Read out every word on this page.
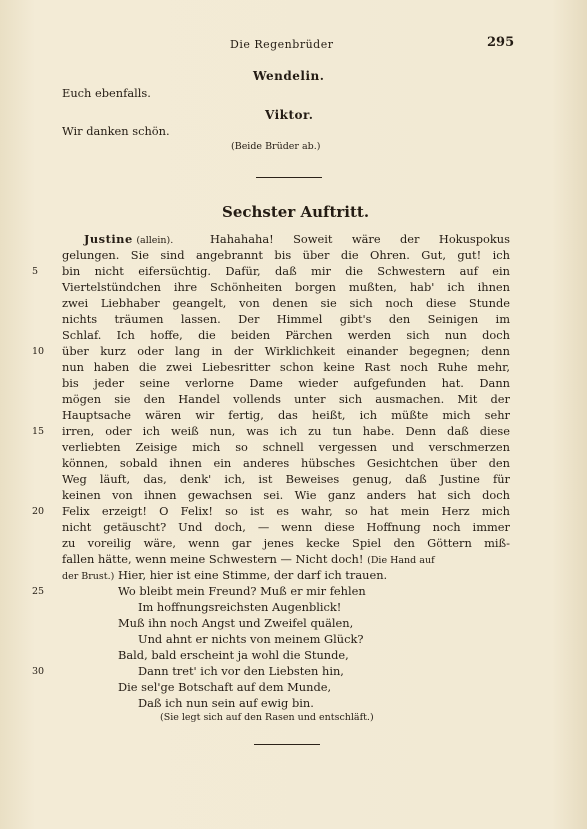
Die Regenbrüder	295
Wendelin.
Euch ebenfalls.
Viktor.
Wir danken schön.
(Beide Brüder ab.)
Sechster Auftritt.
Justine (allein).	Hahahaha! Soweit wäre der Hokuspokus
gelungen. Sie sind angebrannt bis über die Ohren. Gut, gut! ich
bin nicht eifersüchtig. Dafür, daß mir die Schwestern auf ein
Viertelstündchen ihre Schönheiten borgen mußten, hab' ich ihnen
zwei Liebhaber geangelt, von denen sie sich noch diese Stunde
nichts träumen lassen. Der Himmel gibt's den Seinigen im
Schlaf. Ich hoffe, die beiden Pärchen werden sich nun doch
über kurz oder lang in der Wirklichkeit einander begegnen; denn
nun haben die zwei Liebesritter schon keine Rast noch Ruhe mehr,
bis jeder seine verlorne Dame wieder aufgefunden hat. Dann
mögen sie den Handel vollends unter sich ausmachen. Mit der
Hauptsache wären wir fertig, das heißt, ich müßte mich sehr
irren, oder ich weiß nun, was ich zu tun habe. Denn daß diese
verliebten Zeisige mich so schnell vergessen und verschmerzen
können, sobald ihnen ein anderes hübsches Gesichtchen über den
Weg läuft, das, denk' ich, ist Beweises genug, daß Justine für
keinen von ihnen gewachsen sei. Wie ganz anders hat sich doch
Felix erzeigt! O Felix! so ist es wahr, so hat mein Herz mich
nicht getäuscht? Und doch, — wenn diese Hoffnung noch immer
zu voreilig wäre, wenn gar jenes kecke Spiel den Göttern miß-
fallen hätte, wenn meine Schwestern — Nicht doch! (Die Hand auf
der Brust.) Hier, hier ist eine Stimme, der darf ich trauen.
Wo bleibt mein Freund? Muß er mir fehlen
Im hoffnungsreichsten Augenblick!
Muß ihn noch Angst und Zweifel quälen,
Und ahnt er nichts von meinem Glück?
Bald, bald erscheint ja wohl die Stunde,
Dann tret' ich vor den Liebsten hin,
Die sel'ge Botschaft auf dem Munde,
Daß ich nun sein auf ewig bin.
(Sie legt sich auf den Rasen und entschläft.)
5
10
15
20
25
30
